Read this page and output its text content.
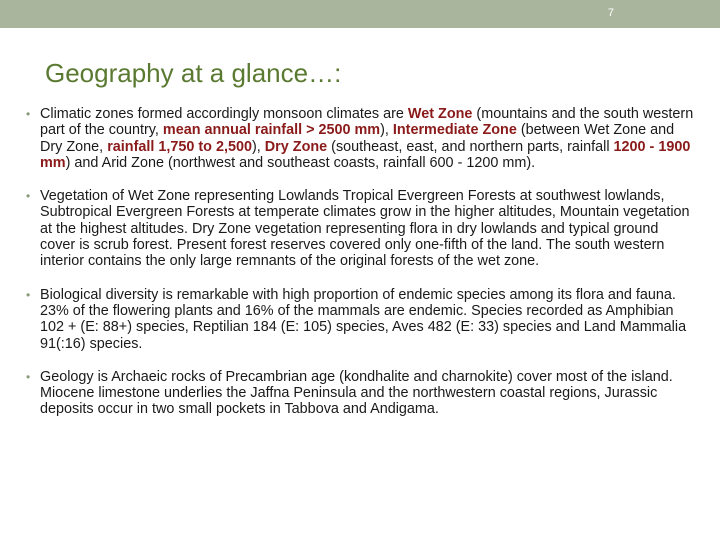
7
Geography at a glance…:
• Climatic zones formed accordingly monsoon climates are Wet Zone (mountains and the south western part of the country, mean annual rainfall > 2500 mm), Intermediate Zone (between Wet Zone and Dry Zone, rainfall 1,750 to 2,500), Dry Zone (southeast, east, and northern parts, rainfall 1200 - 1900 mm) and Arid Zone (northwest and southeast coasts, rainfall 600 - 1200 mm).
• Vegetation of Wet Zone representing Lowlands Tropical Evergreen Forests at southwest lowlands, Subtropical Evergreen Forests at temperate climates grow in the higher altitudes, Mountain vegetation at the highest altitudes. Dry Zone vegetation representing flora in dry lowlands and typical ground cover is scrub forest. Present forest reserves covered only one-fifth of the land. The south western interior contains the only large remnants of the original forests of the wet zone.
• Biological diversity is remarkable with high proportion of endemic species among its flora and fauna. 23% of the flowering plants and 16% of the mammals are endemic. Species recorded as Amphibian 102 + (E: 88+) species, Reptilian 184 (E: 105) species, Aves 482 (E: 33) species and Land Mammalia 91(:16) species.
• Geology is Archaeic rocks of Precambrian age (kondhalite and charnokite) cover most of the island. Miocene limestone underlies the Jaffna Peninsula and the northwestern coastal regions, Jurassic deposits occur in two small pockets in Tabbova and Andigama.
